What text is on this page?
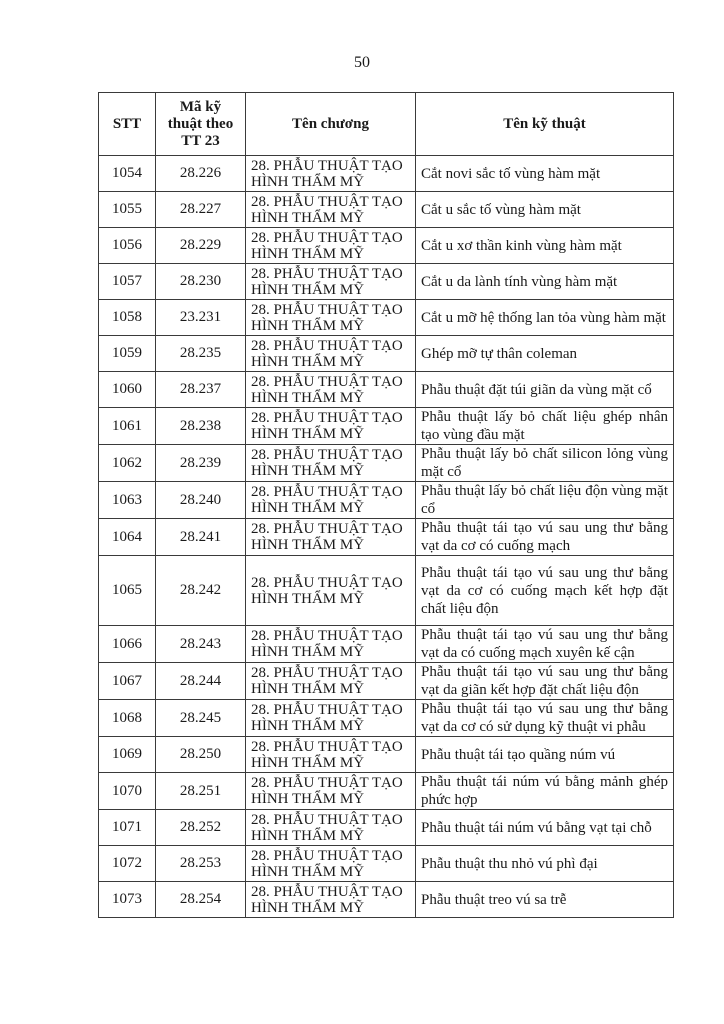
50
STT	Mã kỹ thuật theo TT 23	Tên chương	Tên kỹ thuật
1054	28.226	28. PHẪU THUẬT TẠO HÌNH THẨM MỸ	Cắt novi sắc tố vùng hàm mặt
1055	28.227	28. PHẪU THUẬT TẠO HÌNH THẨM MỸ	Cắt u sắc tố vùng hàm mặt
1056	28.229	28. PHẪU THUẬT TẠO HÌNH THẨM MỸ	Cắt u xơ thần kinh vùng hàm mặt
1057	28.230	28. PHẪU THUẬT TẠO HÌNH THẨM MỸ	Cắt u da lành tính vùng hàm mặt
1058	23.231	28. PHẪU THUẬT TẠO HÌNH THẨM MỸ	Cắt u mỡ hệ thống lan tỏa vùng hàm mặt
1059	28.235	28. PHẪU THUẬT TẠO HÌNH THẨM MỸ	Ghép mỡ tự thân coleman
1060	28.237	28. PHẪU THUẬT TẠO HÌNH THẨM MỸ	Phẫu thuật đặt túi giãn da vùng mặt cổ
1061	28.238	28. PHẪU THUẬT TẠO HÌNH THẨM MỸ	Phẫu thuật lấy bỏ chất liệu ghép nhân tạo vùng đầu mặt
1062	28.239	28. PHẪU THUẬT TẠO HÌNH THẨM MỸ	Phẫu thuật lấy bỏ chất silicon lỏng vùng mặt cổ
1063	28.240	28. PHẪU THUẬT TẠO HÌNH THẨM MỸ	Phẫu thuật lấy bỏ chất liệu độn vùng mặt cổ
1064	28.241	28. PHẪU THUẬT TẠO HÌNH THẨM MỸ	Phẫu thuật tái tạo vú sau ung thư bằng vạt da cơ có cuống mạch
1065	28.242	28. PHẪU THUẬT TẠO HÌNH THẨM MỸ	Phẫu thuật tái tạo vú sau ung thư bằng vạt da cơ có cuống mạch kết hợp đặt chất liệu độn
1066	28.243	28. PHẪU THUẬT TẠO HÌNH THẨM MỸ	Phẫu thuật tái tạo vú sau ung thư bằng vạt da có cuống mạch xuyên kế cận
1067	28.244	28. PHẪU THUẬT TẠO HÌNH THẨM MỸ	Phẫu thuật tái tạo vú sau ung thư bằng vạt da giãn kết hợp đặt chất liệu độn
1068	28.245	28. PHẪU THUẬT TẠO HÌNH THẨM MỸ	Phẫu thuật tái tạo vú sau ung thư bằng vạt da cơ có sử dụng kỹ thuật vi phẫu
1069	28.250	28. PHẪU THUẬT TẠO HÌNH THẨM MỸ	Phẫu thuật tái tạo quầng núm vú
1070	28.251	28. PHẪU THUẬT TẠO HÌNH THẨM MỸ	Phẫu thuật tái núm vú bằng mảnh ghép phức hợp
1071	28.252	28. PHẪU THUẬT TẠO HÌNH THẨM MỸ	Phẫu thuật tái núm vú bằng vạt tại chỗ
1072	28.253	28. PHẪU THUẬT TẠO HÌNH THẨM MỸ	Phẫu thuật thu nhỏ vú phì đại
1073	28.254	28. PHẪU THUẬT TẠO HÌNH THẨM MỸ	Phẫu thuật treo vú sa trễ
